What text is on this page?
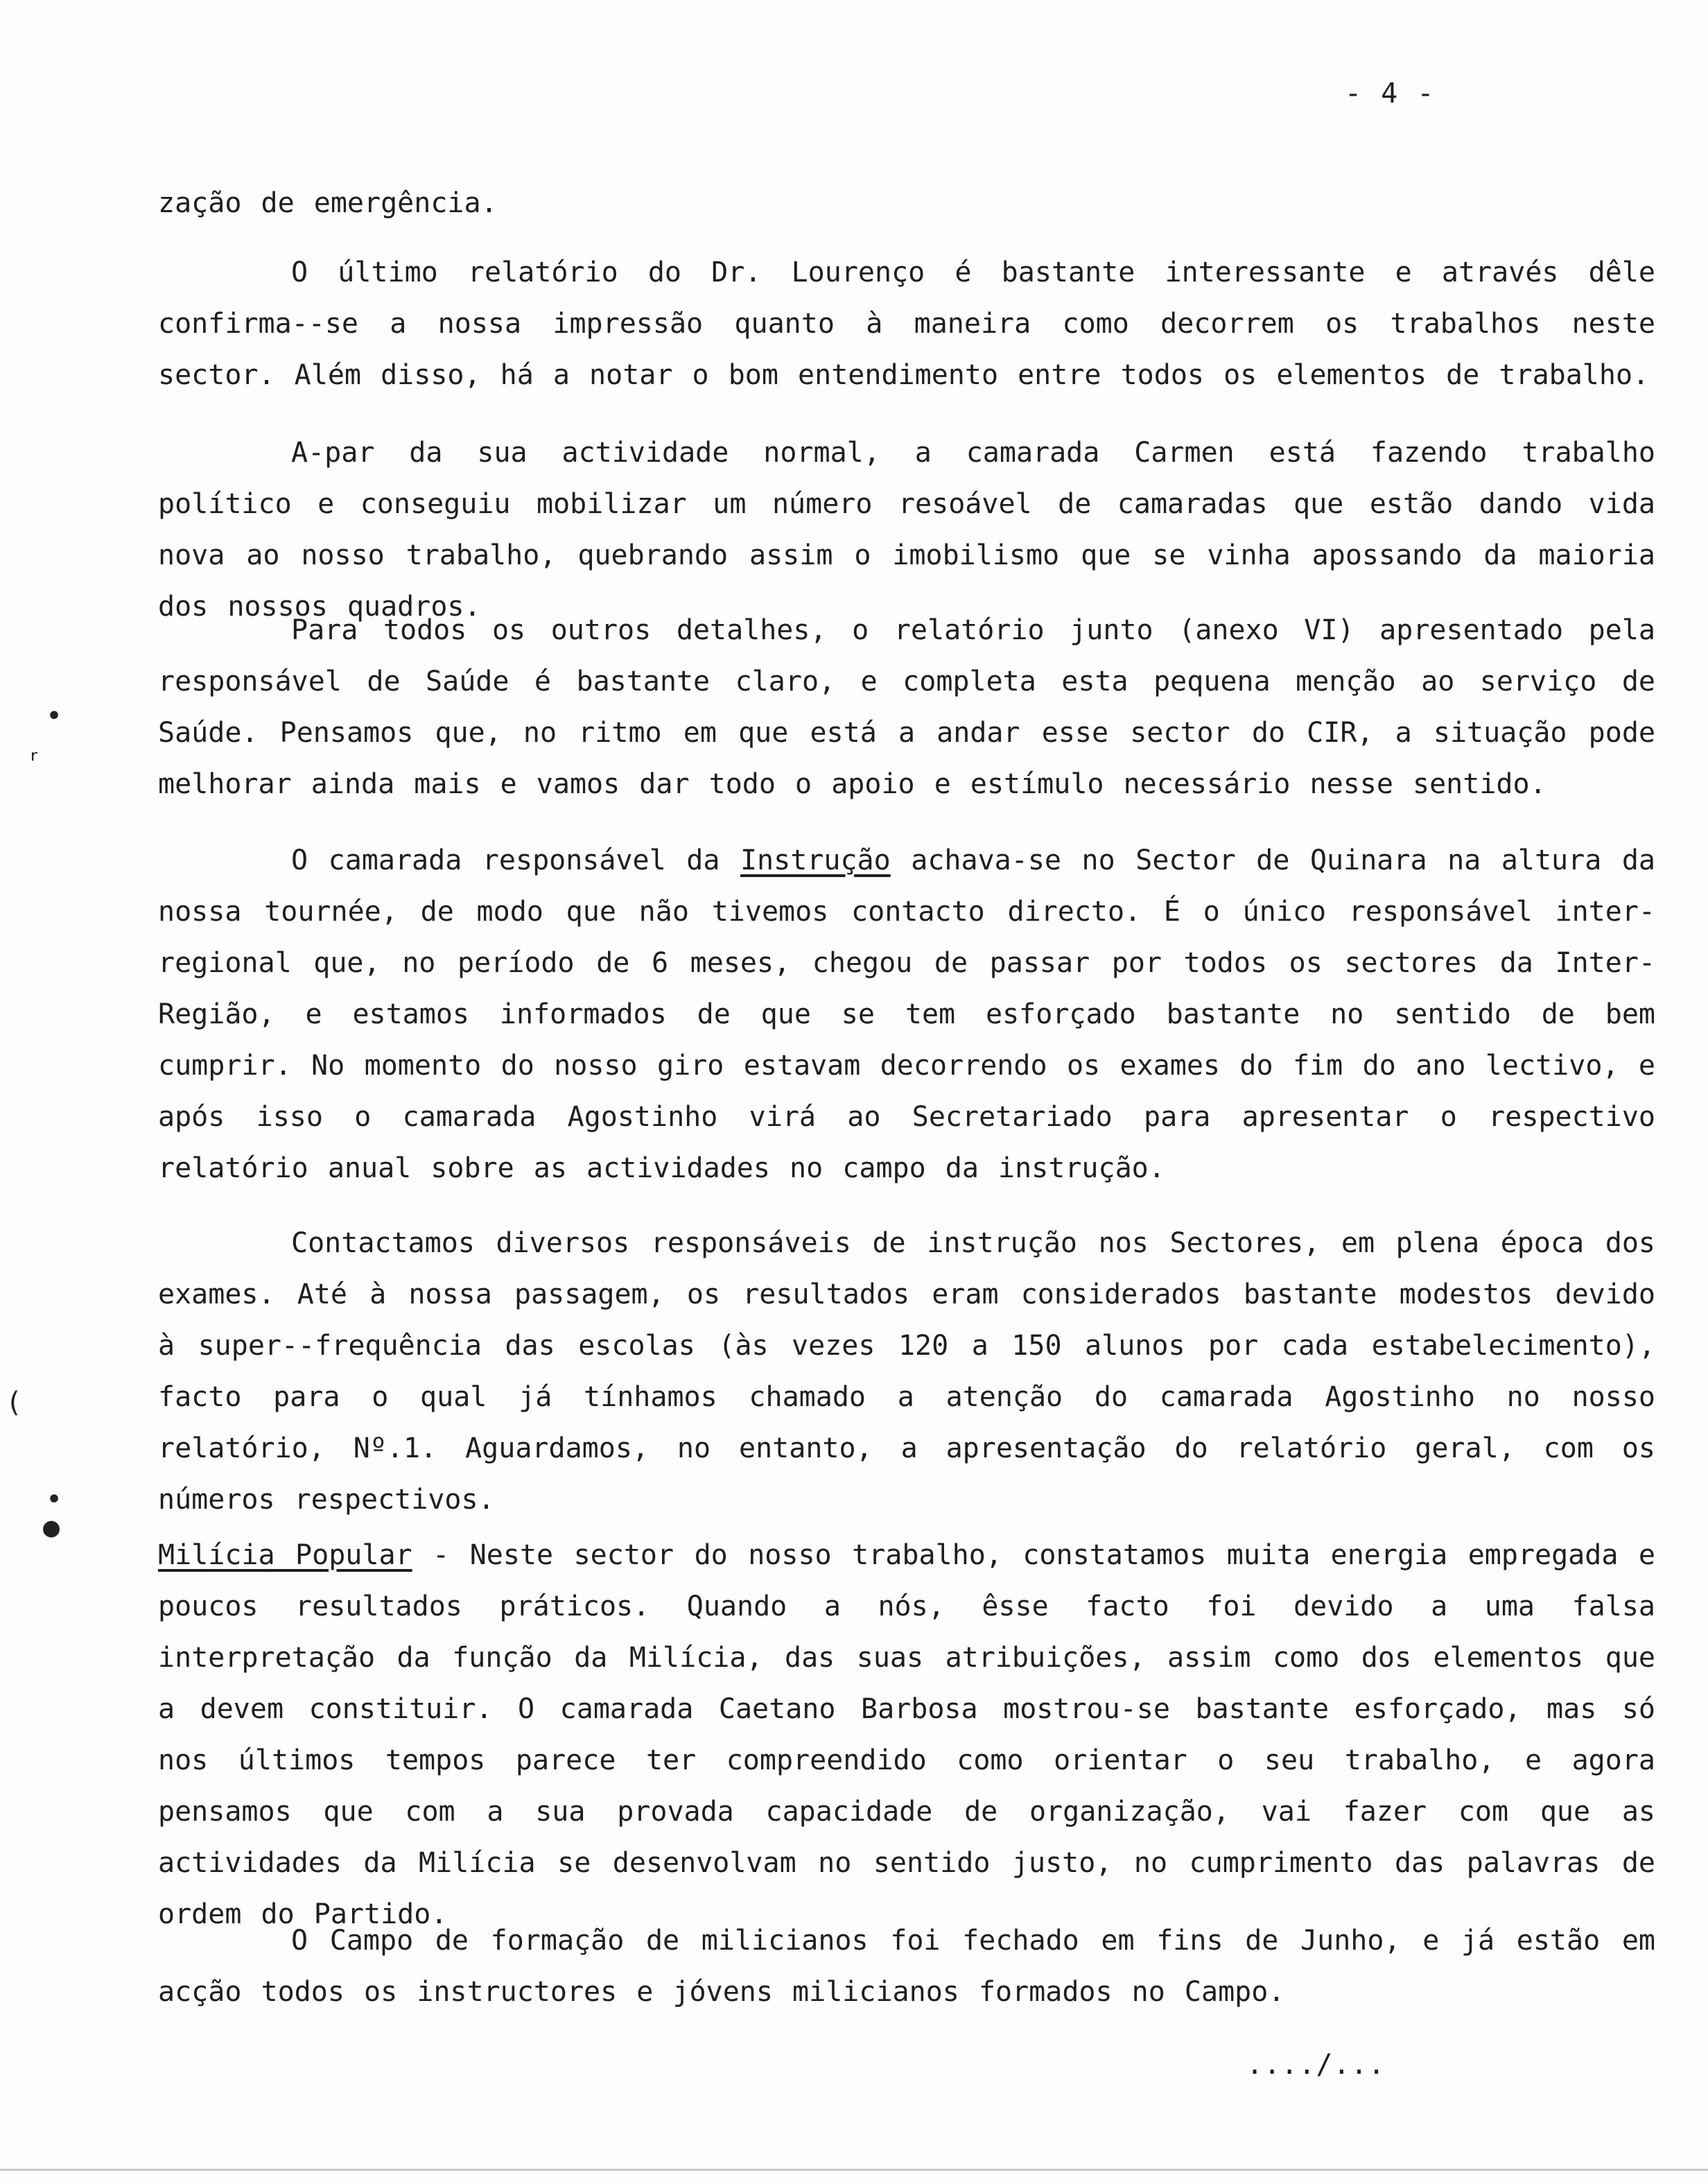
- 4 -

zação de emergência.

O último relatório do Dr. Lourenço é bastante interessante e através dêle confirma--se a nossa impressão quanto à maneira como decorrem os trabalhos neste sector. Além disso, há a notar o bom entendimento entre todos os elementos de trabalho.

A-par da sua actividade normal, a camarada Carmen está fazendo trabalho político e conseguiu mobilizar um número resoável de camaradas que estão dando vida nova ao nosso trabalho, quebrando assim o imobilismo que se vinha apossando da maioria dos nossos quadros.

Para todos os outros detalhes, o relatório junto (anexo VI) apresentado pela responsável de Saúde é bastante claro, e completa esta pequena menção ao serviço de Saúde. Pensamos que, no ritmo em que está a andar esse sector do CIR, a situação pode melhorar ainda mais e vamos dar todo o apoio e estímulo necessário nesse sentido.

O camarada responsável da Instrução achava-se no Sector de Quinara na altura da nossa tournée, de modo que não tivemos contacto directo. É o único responsável inter-regional que, no período de 6 meses, chegou de passar por todos os sectores da Inter-Região, e estamos informados de que se tem esforçado bastante no sentido de bem cumprir. No momento do nosso giro estavam decorrendo os exames do fim do ano lectivo, e após isso o camarada Agostinho virá ao Secretariado para apresentar o respectivo relatório anual sobre as actividades no campo da instrução.

Contactamos diversos responsáveis de instrução nos Sectores, em plena época dos exames. Até à nossa passagem, os resultados eram considerados bastante modestos devido à super--frequência das escolas (às vezes 120 a 150 alunos por cada estabelecimento), facto para o qual já tínhamos chamado a atenção do camarada Agostinho no nosso relatório, Nº.1. Aguardamos, no entanto, a apresentação do relatório geral, com os números respectivos.

Milícia Popular - Neste sector do nosso trabalho, constatamos muita energia empregada e poucos resultados práticos. Quando a nós, êsse facto foi devido a uma falsa interpretação da função da Milícia, das suas atribuições, assim como dos elementos que a devem constituir. O camarada Caetano Barbosa mostrou-se bastante esforçado, mas só nos últimos tempos parece ter compreendido como orientar o seu trabalho, e agora pensamos que com a sua provada capacidade de organização, vai fazer com que as actividades da Milícia se desenvolvam no sentido justo, no cumprimento das palavras de ordem do Partido.

O Campo de formação de milicianos foi fechado em fins de Junho, e já estão em acção todos os instructores e jóvens milicianos formados no Campo.

..../...
•
ʳ
(
•
●
